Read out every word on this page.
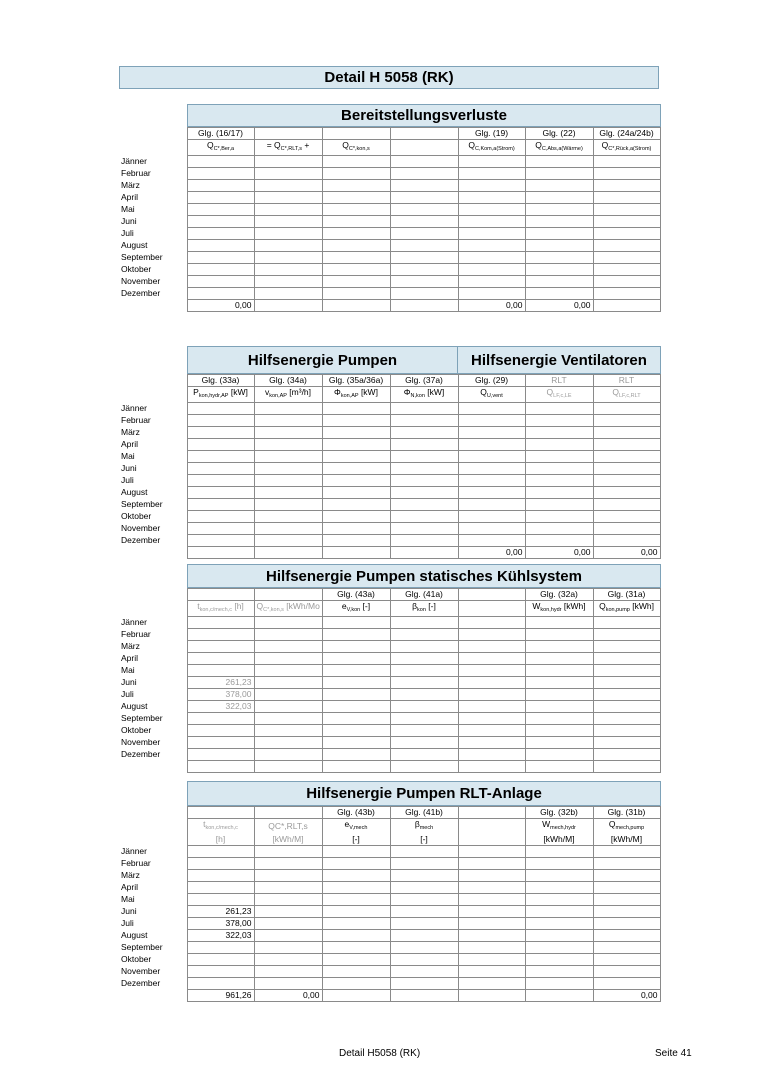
Detail H 5058 (RK)
Bereitstellungsverluste
	Glg. (16/17)				Glg. (19)	Glg. (22)	Glg. (24a/24b)
	$Q_{C*,Ber,a}$	= $Q_{C*,RLT,s}$ +	$Q_{C*,kon,s}$		$Q_{C,Kom,a(Strom)}$	$Q_{C,Abs,a(Wärme)}$	$Q_{C*,Rück,a(Strom)}$
Jänner							
Februar							
März							
April							
Mai							
Juni							
Juli							
August							
September							
Oktober							
November							
Dezember							
	0,00				0,00	0,00	
Hilfsenergie Pumpen	Hilfsenergie Ventilatoren
	Glg. (33a)	Glg. (34a)	Glg. (35a/36a)	Glg. (37a)	Glg. (29)	RLT	RLT
	$P_{kon,hydr,AP}$ [kW]	$v_{kon,AP}$ [m³/h]	$\Phi_{kon,AP}$ [kW]	$\Phi_{N,kon}$ [kW]	$Q_{U,vent}$	$Q_{LF,c,LE}$	$Q_{LF,c,RLT}$
Jänner							
Februar							
März							
April							
Mai							
Juni							
Juli							
August							
September							
Oktober							
November							
Dezember							
					0,00	0,00	0,00
Hilfsenergie Pumpen statisches Kühlsystem
			Glg. (43a)	Glg. (41a)		Glg. (32a)	Glg. (31a)
	$t_{kon,c/mech,c}$ [h]	$Q_{C*,kon,s}$ [kWh/Mo	$e_{V,kon}$ [-]	$\beta_{kon}$ [-]		$W_{kon,hydr}$ [kWh]	$Q_{kon,pump}$ [kWh]
Jänner							
Februar							
März							
April							
Mai							
Juni	261,23						
Juli	378,00						
August	322,03						
September							
Oktober							
November							
Dezember							

Hilfsenergie Pumpen RLT-Anlage
			Glg. (43b)	Glg. (41b)		Glg. (32b)	Glg. (31b)
	$t_{kon,c/mech,c}$	QC*,RLT,s	$e_{V,mech}$	$\beta_{mech}$		$W_{mech,hydr}$	$Q_{mech,pump}$
	[h]	[kWh/M]	[-]	[-]		[kWh/M]	[kWh/M]
Jänner							
Februar							
März							
April							
Mai							
Juni	261,23						
Juli	378,00						
August	322,03						
September							
Oktober							
November							
Dezember							
	961,26	0,00					0,00
Detail H5058 (RK)	Seite 41
